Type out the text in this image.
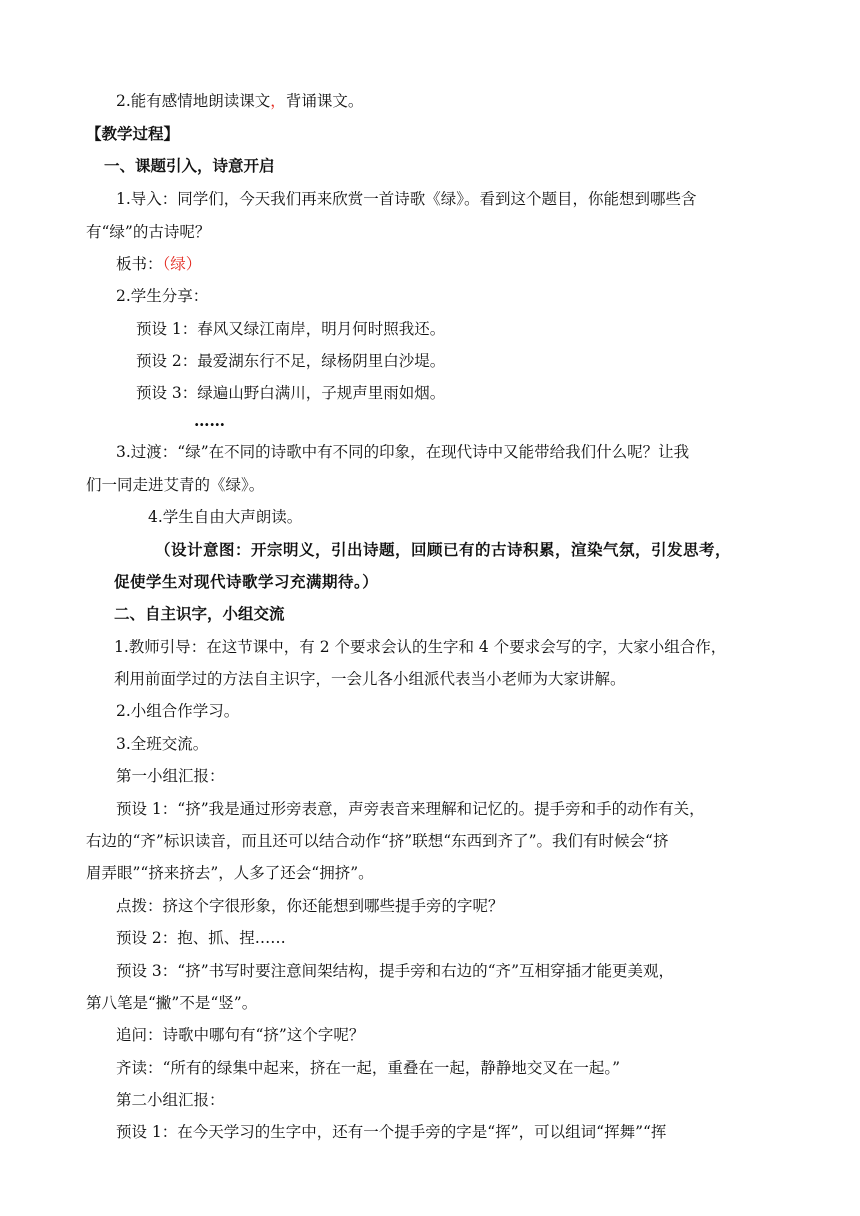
2.能有感情地朗读课文，背诵课文。
【教学过程】
一、课题引入，诗意开启
1.导入：同学们，今天我们再来欣赏一首诗歌《绿》。看到这个题目，你能想到哪些含
有“绿”的古诗呢？
板书：（绿）
2.学生分享：
预设 1：春风又绿江南岸，明月何时照我还。
预设 2：最爱湖东行不足，绿杨阴里白沙堤。
预设 3：绿遍山野白满川，子规声里雨如烟。
……
3.过渡：“绿”在不同的诗歌中有不同的印象，在现代诗中又能带给我们什么呢？让我
们一同走进艾青的《绿》。
4.学生自由大声朗读。
（设计意图：开宗明义，引出诗题，回顾已有的古诗积累，渲染气氛，引发思考，
促使学生对现代诗歌学习充满期待。）
二、自主识字，小组交流
1.教师引导：在这节课中，有 2 个要求会认的生字和 4 个要求会写的字，大家小组合作，
利用前面学过的方法自主识字，一会儿各小组派代表当小老师为大家讲解。
2.小组合作学习。
3.全班交流。
第一小组汇报：
预设 1：“挤”我是通过形旁表意，声旁表音来理解和记忆的。提手旁和手的动作有关，
右边的“齐”标识读音，而且还可以结合动作“挤”联想“东西到齐了”。我们有时候会“挤
眉弄眼”“挤来挤去”，人多了还会“拥挤”。
点拨：挤这个字很形象，你还能想到哪些提手旁的字呢？
预设 2：抱、抓、捏……
预设 3：“挤”书写时要注意间架结构，提手旁和右边的“齐”互相穿插才能更美观，
第八笔是“撇”不是“竖”。
追问：诗歌中哪句有“挤”这个字呢？
齐读：“所有的绿集中起来，挤在一起，重叠在一起，静静地交叉在一起。”
第二小组汇报：
预设 1：在今天学习的生字中，还有一个提手旁的字是“挥”，可以组词“挥舞”“挥
